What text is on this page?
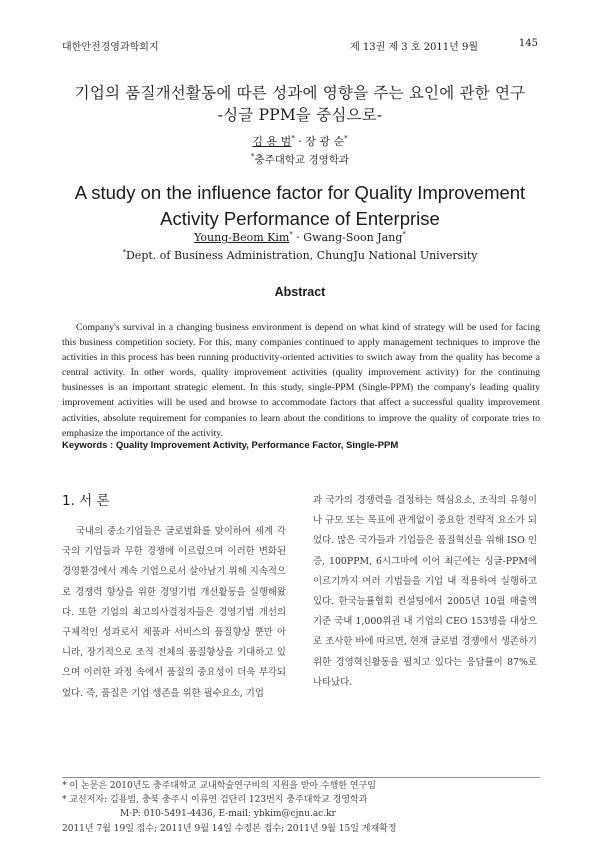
대한안전경영과학회지	제 13권 제 3 호 2011년 9월	145
기업의 품질개선활동에 따른 성과에 영향을 주는 요인에 관한 연구
-싱글 PPM을 중심으로-
김 용 범* · 장 광 순*
*충주대학교 경영학과
A study on the influence factor for Quality Improvement
Activity Performance of Enterprise
Young-Beom Kim* · Gwang-Soon Jang*
*Dept. of Business Administration, ChungJu National University
Abstract

Company's survival in a changing business environment is depend on what kind of strategy will be used for facing this business competition society. For this, many companies continued to apply management techniques to improve the activities in this process has been running productivity-oriented activities to switch away from the quality has become a central activity. In other words, quality improvement activities (quality improvement activity) for the continuing businesses is an important strategic element. In this study, single-PPM (Single-PPM) the company's leading quality improvement activities will be used and browse to accommodate factors that affect a successful quality improvement activities, absolute requirement for companies to learn about the conditions to improve the quality of corporate tries to emphasize the importance of the activity.

Keywords : Quality Improvement Activity, Performance Factor, Single-PPM
1. 서 론

국내의 중소기업들은 글로벌화를 맞이하여 세계 각국의 기업들과 무한 경쟁에 이르렀으며 이러한 변화된 경영환경에서 계속 기업으로서 살아남기 위해 지속적으로 경쟁력 향상을 위한 경영기법 개선활동을 실행해왔다. 또한 기업의 최고의사결정자들은 경영기법 개선의 구체적인 성과로서 제품과 서비스의 품질향상 뿐만 아니라, 장기적으로 조직 전체의 품질향상을 기대하고 있으며 이러한 과정 속에서 품질의 중요성이 더욱 부각되었다. 즉, 품질은 기업 생존을 위한 필수요소, 기업

과 국가의 경쟁력을 결정하는 핵심요소, 조직의 유형이나 규모 또는 목표에 관계없이 중요한 전략적 요소가 되었다. 많은 국가들과 기업들은 품질혁신을 위해 ISO 인증, 100PPM, 6시그마에 이어 최근에는 싱글-PPM에 이르기까지 여러 기법들을 기업 내 적용하여 실행하고 있다. 한국능률협회 컨설팅에서 2005년 10월 매출액 기준 국내 1,000위권 내 기업의 CEO 153명을 대상으로 조사한 바에 따르면, 현재 글로벌 경쟁에서 생존하기 위한 경영혁신활동을 펼치고 있다는 응답률이 87%로 나타났다.

* 이 논문은 2010년도 충주대학교 교내학술연구비의 지원을 받아 수행한 연구임
* 교신저자: 김용범, 충북 충주시 이류면 검단리 123번지 충주대학교 경영학과
M·P: 010-5491-4436, E-mail: ybkim@cjnu.ac.kr
2011년 7월 19일 접수; 2011년 9월 14일 수정본 접수; 2011년 9월 15일 게재확정
